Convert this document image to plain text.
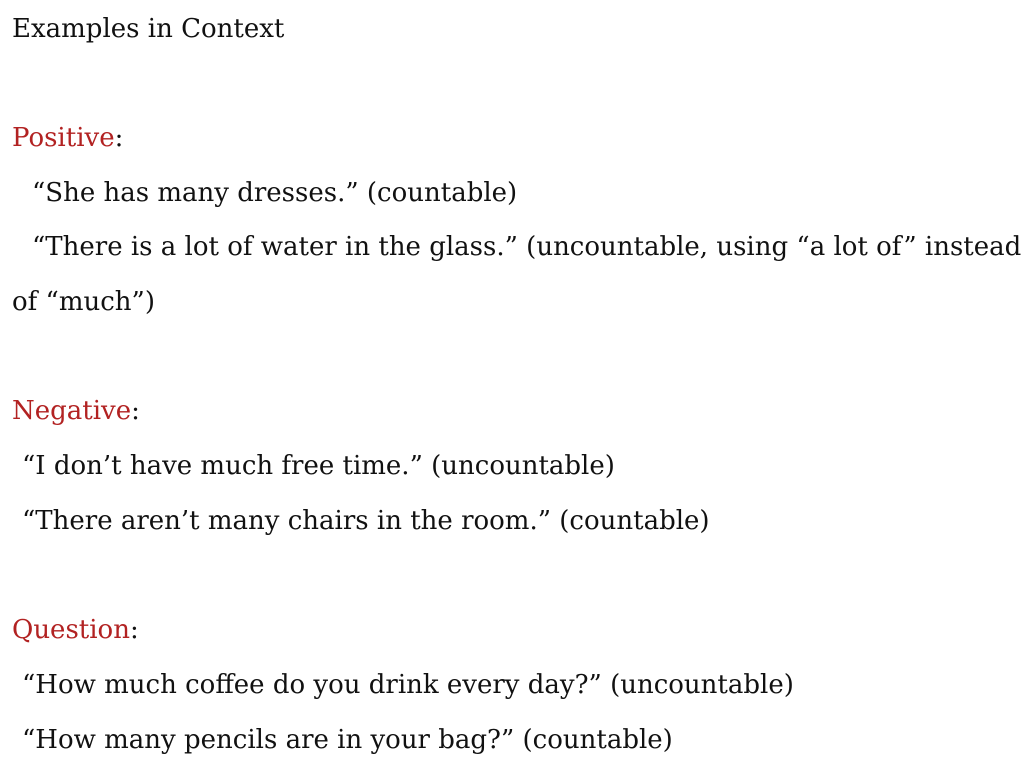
Examples in Context
Positive:
“She has many dresses.” (countable)
“There is a lot of water in the glass.” (uncountable, using “a lot of” instead
of “much”)
Negative:
“I don’t have much free time.” (uncountable)
“There aren’t many chairs in the room.” (countable)
Question:
“How much coffee do you drink every day?” (uncountable)
“How many pencils are in your bag?” (countable)
